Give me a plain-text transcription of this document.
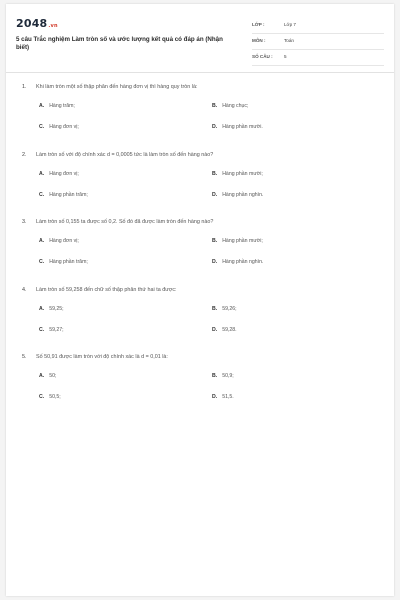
2048.vn
5 câu Trắc nghiệm Làm tròn số và ước lượng kết quả có đáp án (Nhận biết)
LỚP :	Lớp 7
MÔN :	Toán
SỐ CÂU : 5
1. Khi làm tròn một số thập phân đến hàng đơn vị thì hàng quy tròn là:
A. Hàng trăm;	B. Hàng chục;
C. Hàng đơn vị;	D. Hàng phần mười.
2. Làm tròn số với độ chính xác d = 0,0005 tức là làm tròn số đến hàng nào?
A. Hàng đơn vị;	B. Hàng phần mười;
C. Hàng phần trăm;	D. Hàng phần nghìn.
3. Làm tròn số 0,155 ta được số 0,2. Số đó đã được làm tròn đến hàng nào?
A. Hàng đơn vị;	B. Hàng phần mười;
C. Hàng phần trăm;	D. Hàng phần nghìn.
4. Làm tròn số 59,258 đến chữ số thập phân thứ hai ta được:
A. 59,25;	B. 59,26;
C. 59,27;	D. 59,28.
5. Số 50,91 được làm tròn với độ chính xác là d = 0,01 là:
A. 50;	B. 50,9;
C. 50,5;	D. 51,5.
